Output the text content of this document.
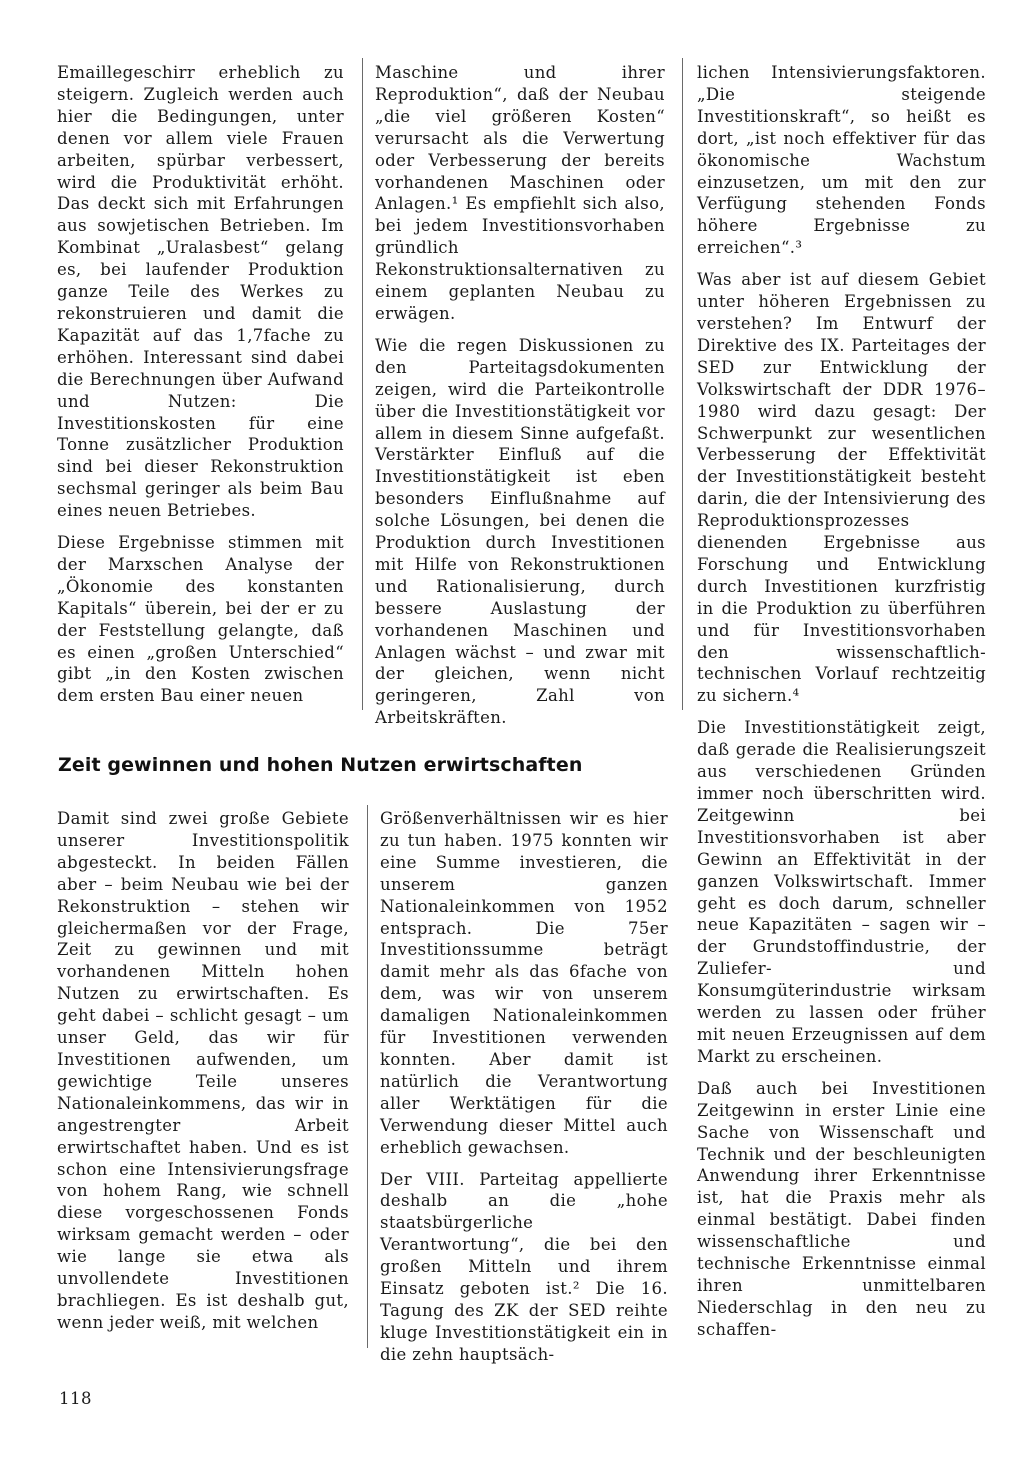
Emaillegeschirr erheblich zu steigern. Zugleich werden auch hier die Bedingungen, unter denen vor allem viele Frauen arbeiten, spürbar verbessert, wird die Produktivität erhöht. Das deckt sich mit Erfahrungen aus sowjetischen Betrieben. Im Kombinat „Uralasbest“ gelang es, bei laufender Produktion ganze Teile des Werkes zu rekonstruieren und damit die Kapazität auf das 1,7fache zu erhöhen. Interessant sind dabei die Berechnungen über Aufwand und Nutzen: Die Investitionskosten für eine Tonne zusätzlicher Produktion sind bei dieser Rekonstruktion sechsmal geringer als beim Bau eines neuen Betriebes.

Diese Ergebnisse stimmen mit der Marxschen Analyse der „Ökonomie des konstanten Kapitals“ überein, bei der er zu der Feststellung gelangte, daß es einen „großen Unterschied“ gibt „in den Kosten zwischen dem ersten Bau einer neuen

Maschine und ihrer Reproduktion“, daß der Neubau „die viel größeren Kosten“ verursacht als die Verwertung oder Verbesserung der bereits vorhandenen Maschinen oder Anlagen.¹ Es empfiehlt sich also, bei jedem Investitionsvorhaben gründlich Rekonstruktionsalternativen zu einem geplanten Neubau zu erwägen.

Wie die regen Diskussionen zu den Parteitagsdokumenten zeigen, wird die Parteikontrolle über die Investitionstätigkeit vor allem in diesem Sinne aufgefaßt. Verstärkter Einfluß auf die Investitionstätigkeit ist eben besonders Einflußnahme auf solche Lösungen, bei denen die Produktion durch Investitionen mit Hilfe von Rekonstruktionen und Rationalisierung, durch bessere Auslastung der vorhandenen Maschinen und Anlagen wächst – und zwar mit der gleichen, wenn nicht geringeren, Zahl von Arbeitskräften.

lichen Intensivierungsfaktoren. „Die steigende Investitionskraft“, so heißt es dort, „ist noch effektiver für das ökonomische Wachstum einzusetzen, um mit den zur Verfügung stehenden Fonds höhere Ergebnisse zu erreichen“.³

Was aber ist auf diesem Gebiet unter höheren Ergebnissen zu verstehen? Im Entwurf der Direktive des IX. Parteitages der SED zur Entwicklung der Volkswirtschaft der DDR 1976–1980 wird dazu gesagt: Der Schwerpunkt zur wesentlichen Verbesserung der Effektivität der Investitionstätigkeit besteht darin, die der Intensivierung des Reproduktionsprozesses dienenden Ergebnisse aus Forschung und Entwicklung durch Investitionen kurzfristig in die Produktion zu überführen und für Investitionsvorhaben den wissenschaftlich-technischen Vorlauf rechtzeitig zu sichern.⁴

Die Investitionstätigkeit zeigt, daß gerade die Realisierungszeit aus verschiedenen Gründen immer noch überschritten wird. Zeitgewinn bei Investitionsvorhaben ist aber Gewinn an Effektivität in der ganzen Volkswirtschaft. Immer geht es doch darum, schneller neue Kapazitäten – sagen wir – der Grundstoffindustrie, der Zuliefer- und Konsumgüterindustrie wirksam werden zu lassen oder früher mit neuen Erzeugnissen auf dem Markt zu erscheinen.

Daß auch bei Investitionen Zeitgewinn in erster Linie eine Sache von Wissenschaft und Technik und der beschleunigten Anwendung ihrer Erkenntnisse ist, hat die Praxis mehr als einmal bestätigt. Dabei finden wissenschaftliche und technische Erkenntnisse einmal ihren unmittelbaren Niederschlag in den neu zu schaffen-

Zeit gewinnen und hohen Nutzen erwirtschaften

Damit sind zwei große Gebiete unserer Investitionspolitik abgesteckt. In beiden Fällen aber – beim Neubau wie bei der Rekonstruktion – stehen wir gleichermaßen vor der Frage, Zeit zu gewinnen und mit vorhandenen Mitteln hohen Nutzen zu erwirtschaften. Es geht dabei – schlicht gesagt – um unser Geld, das wir für Investitionen aufwenden, um gewichtige Teile unseres Nationaleinkommens, das wir in angestrengter Arbeit erwirtschaftet haben. Und es ist schon eine Intensivierungsfrage von hohem Rang, wie schnell diese vorgeschossenen Fonds wirksam gemacht werden – oder wie lange sie etwa als unvollendete Investitionen brachliegen. Es ist deshalb gut, wenn jeder weiß, mit welchen

Größenverhältnissen wir es hier zu tun haben. 1975 konnten wir eine Summe investieren, die unserem ganzen Nationaleinkommen von 1952 entsprach. Die 75er Investitionssumme beträgt damit mehr als das 6fache von dem, was wir von unserem damaligen Nationaleinkommen für Investitionen verwenden konnten. Aber damit ist natürlich die Verantwortung aller Werktätigen für die Verwendung dieser Mittel auch erheblich gewachsen.

Der VIII. Parteitag appellierte deshalb an die „hohe staatsbürgerliche Verantwortung“, die bei den großen Mitteln und ihrem Einsatz geboten ist.² Die 16. Tagung des ZK der SED reihte kluge Investitionstätigkeit ein in die zehn hauptsäch-

118
